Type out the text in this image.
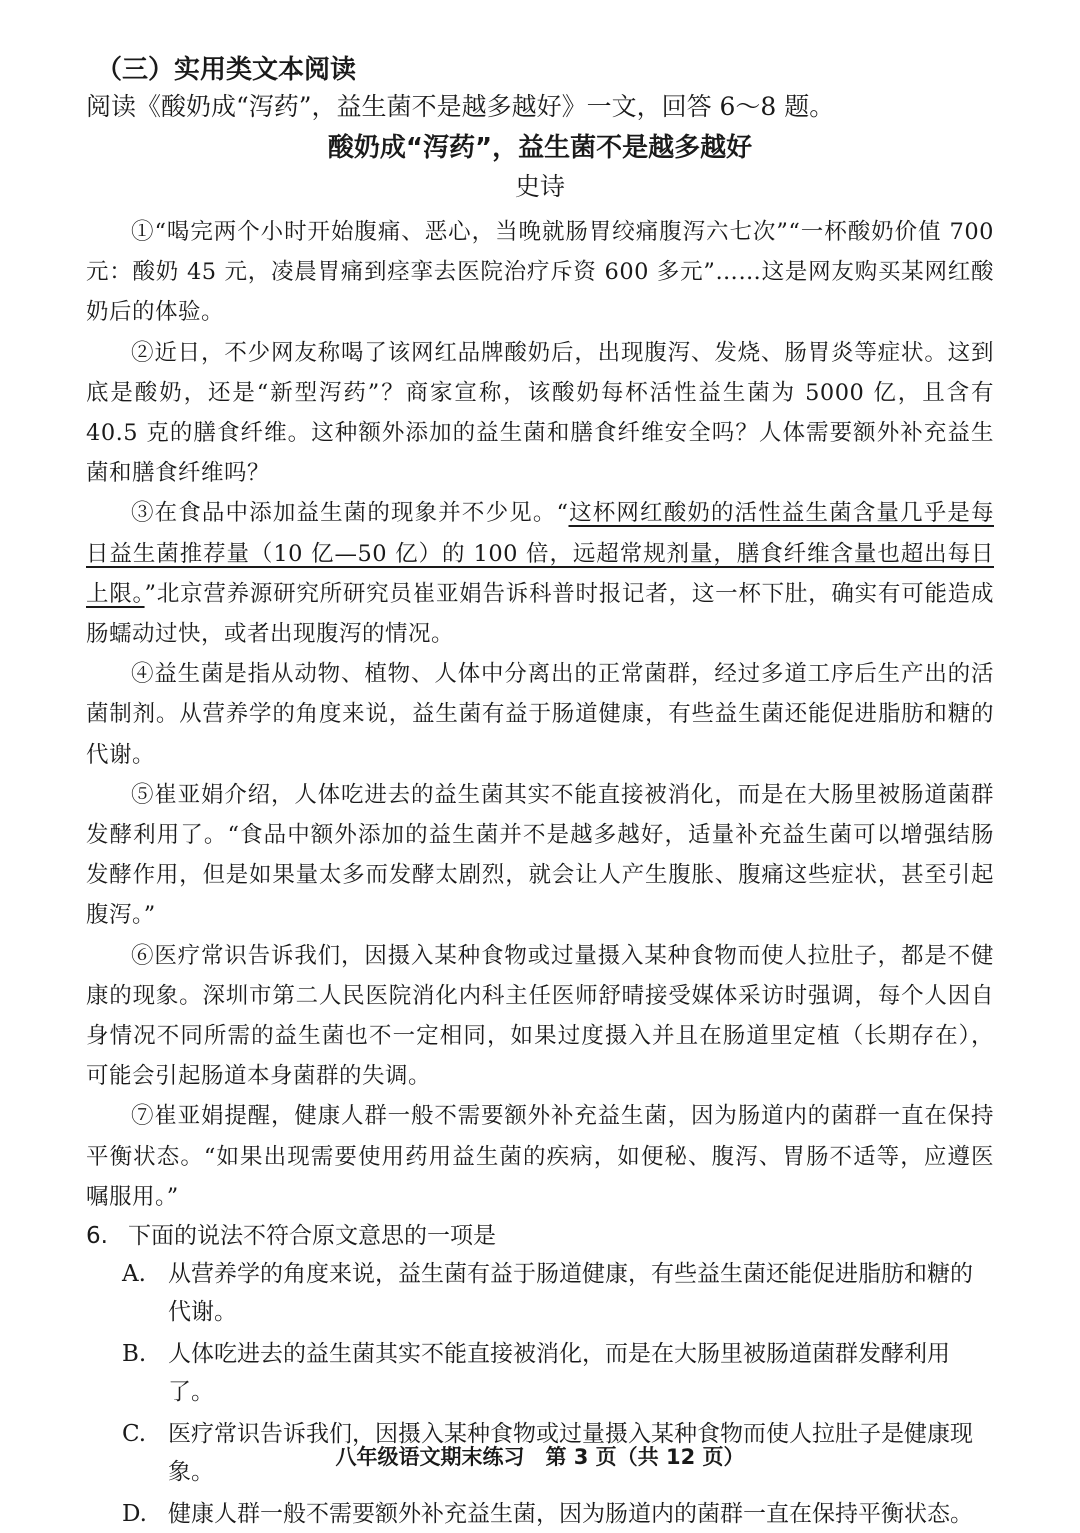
（三）实用类文本阅读
阅读《酸奶成“泻药”，益生菌不是越多越好》一文，回答 6～8 题。
酸奶成“泻药”，益生菌不是越多越好
史诗

①“喝完两个小时开始腹痛、恶心，当晚就肠胃绞痛腹泻六七次”“一杯酸奶价值 700 元：酸奶 45 元，凌晨胃痛到痉挛去医院治疗斥资 600 多元”……这是网友购买某网红酸奶后的体验。

②近日，不少网友称喝了该网红品牌酸奶后，出现腹泻、发烧、肠胃炎等症状。这到底是酸奶，还是“新型泻药”？商家宣称，该酸奶每杯活性益生菌为 5000 亿，且含有 40.5 克的膳食纤维。这种额外添加的益生菌和膳食纤维安全吗？人体需要额外补充益生菌和膳食纤维吗？

③在食品中添加益生菌的现象并不少见。“这杯网红酸奶的活性益生菌含量几乎是每日益生菌推荐量（10 亿—50 亿）的 100 倍，远超常规剂量，膳食纤维含量也超出每日上限。”北京营养源研究所研究员崔亚娟告诉科普时报记者，这一杯下肚，确实有可能造成肠蠕动过快，或者出现腹泻的情况。

④益生菌是指从动物、植物、人体中分离出的正常菌群，经过多道工序后生产出的活菌制剂。从营养学的角度来说，益生菌有益于肠道健康，有些益生菌还能促进脂肪和糖的代谢。

⑤崔亚娟介绍，人体吃进去的益生菌其实不能直接被消化，而是在大肠里被肠道菌群发酵利用了。“食品中额外添加的益生菌并不是越多越好，适量补充益生菌可以增强结肠发酵作用，但是如果量太多而发酵太剧烈，就会让人产生腹胀、腹痛这些症状，甚至引起腹泻。”

⑥医疗常识告诉我们，因摄入某种食物或过量摄入某种食物而使人拉肚子，都是不健康的现象。深圳市第二人民医院消化内科主任医师舒晴接受媒体采访时强调，每个人因自身情况不同所需的益生菌也不一定相同，如果过度摄入并且在肠道里定植（长期存在），可能会引起肠道本身菌群的失调。

⑦崔亚娟提醒，健康人群一般不需要额外补充益生菌，因为肠道内的菌群一直在保持平衡状态。“如果出现需要使用药用益生菌的疾病，如便秘、腹泻、胃肠不适等，应遵医嘱服用。”

6. 下面的说法不符合原文意思的一项是
A. 从营养学的角度来说，益生菌有益于肠道健康，有些益生菌还能促进脂肪和糖的代谢。
B. 人体吃进去的益生菌其实不能直接被消化，而是在大肠里被肠道菌群发酵利用了。
C. 医疗常识告诉我们，因摄入某种食物或过量摄入某种食物而使人拉肚子是健康现象。
D. 健康人群一般不需要额外补充益生菌，因为肠道内的菌群一直在保持平衡状态。
八年级语文期末练习　第 3 页（共 12 页）
